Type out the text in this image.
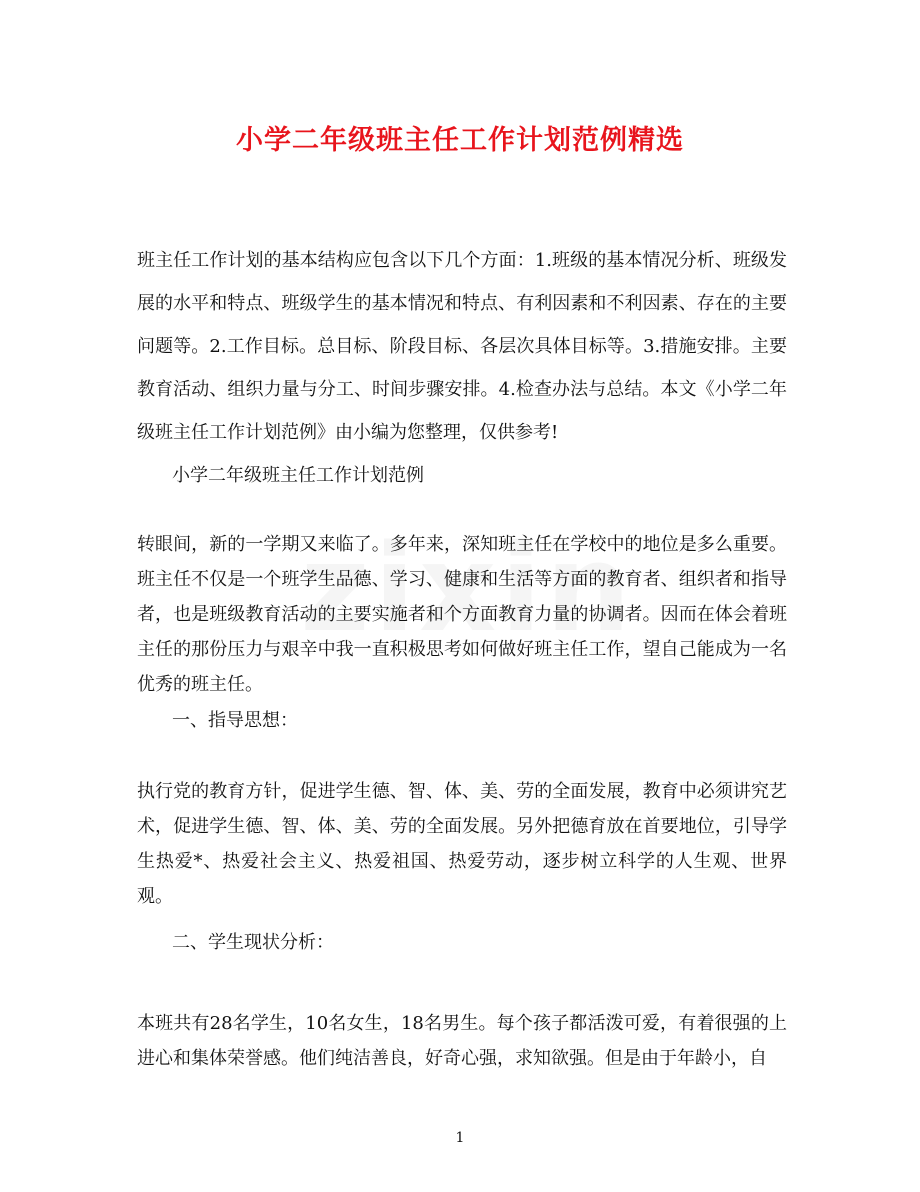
小学二年级班主任工作计划范例精选
班主任工作计划的基本结构应包含以下几个方面：1.班级的基本情况分析、班级发展的水平和特点、班级学生的基本情况和特点、有利因素和不利因素、存在的主要问题等。2.工作目标。总目标、阶段目标、各层次具体目标等。3.措施安排。主要教育活动、组织力量与分工、时间步骤安排。4.检查办法与总结。本文《小学二年级班主任工作计划范例》由小编为您整理，仅供参考!
小学二年级班主任工作计划范例
转眼间，新的一学期又来临了。多年来，深知班主任在学校中的地位是多么重要。班主任不仅是一个班学生品德、学习、健康和生活等方面的教育者、组织者和指导者，也是班级教育活动的主要实施者和个方面教育力量的协调者。因而在体会着班主任的那份压力与艰辛中我一直积极思考如何做好班主任工作，望自己能成为一名优秀的班主任。
一、指导思想：
执行党的教育方针，促进学生德、智、体、美、劳的全面发展，教育中必须讲究艺术，促进学生德、智、体、美、劳的全面发展。另外把德育放在首要地位，引导学生热爱*、热爱社会主义、热爱祖国、热爱劳动，逐步树立科学的人生观、世界观。
二、学生现状分析：
本班共有28名学生，10名女生，18名男生。每个孩子都活泼可爱，有着很强的上进心和集体荣誉感。他们纯洁善良，好奇心强，求知欲强。但是由于年龄小，自
1
